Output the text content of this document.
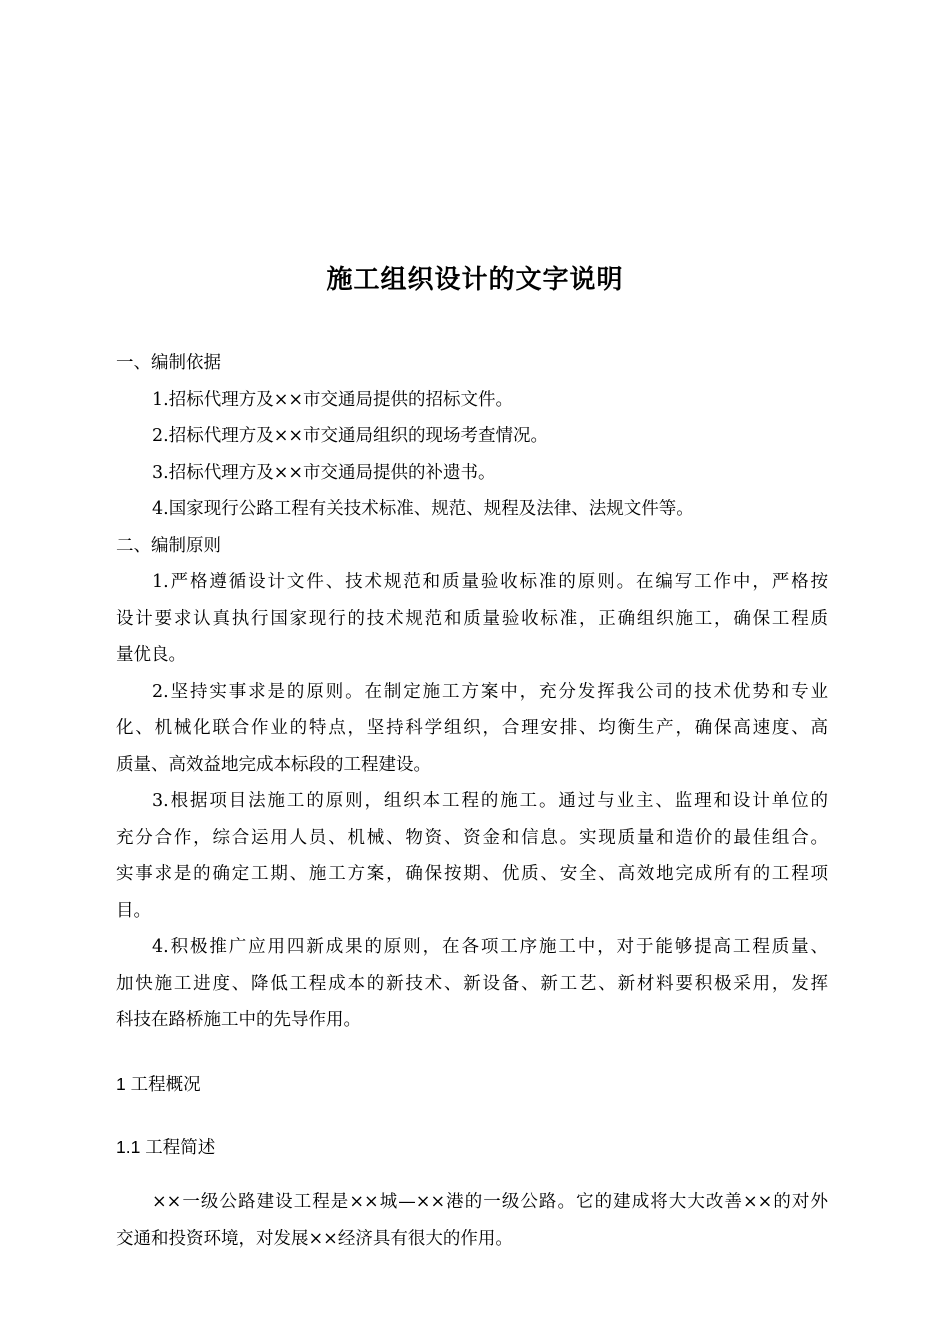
施工组织设计的文字说明
一、编制依据
1.招标代理方及××市交通局提供的招标文件。
2.招标代理方及××市交通局组织的现场考查情况。
3.招标代理方及××市交通局提供的补遗书。
4.国家现行公路工程有关技术标准、规范、规程及法律、法规文件等。
二、编制原则
1.严格遵循设计文件、技术规范和质量验收标准的原则。在编写工作中，严格按
设计要求认真执行国家现行的技术规范和质量验收标准，正确组织施工，确保工程质
量优良。
2.坚持实事求是的原则。在制定施工方案中，充分发挥我公司的技术优势和专业
化、机械化联合作业的特点，坚持科学组织，合理安排、均衡生产，确保高速度、高
质量、高效益地完成本标段的工程建设。
3.根据项目法施工的原则，组织本工程的施工。通过与业主、监理和设计单位的
充分合作，综合运用人员、机械、物资、资金和信息。实现质量和造价的最佳组合。
实事求是的确定工期、施工方案，确保按期、优质、安全、高效地完成所有的工程项
目。
4.积极推广应用四新成果的原则，在各项工序施工中，对于能够提高工程质量、
加快施工进度、降低工程成本的新技术、新设备、新工艺、新材料要积极采用，发挥
科技在路桥施工中的先导作用。
1 工程概况
1.1 工程简述
××一级公路建设工程是××城—××港的一级公路。它的建成将大大改善××的对外
交通和投资环境，对发展××经济具有很大的作用。
